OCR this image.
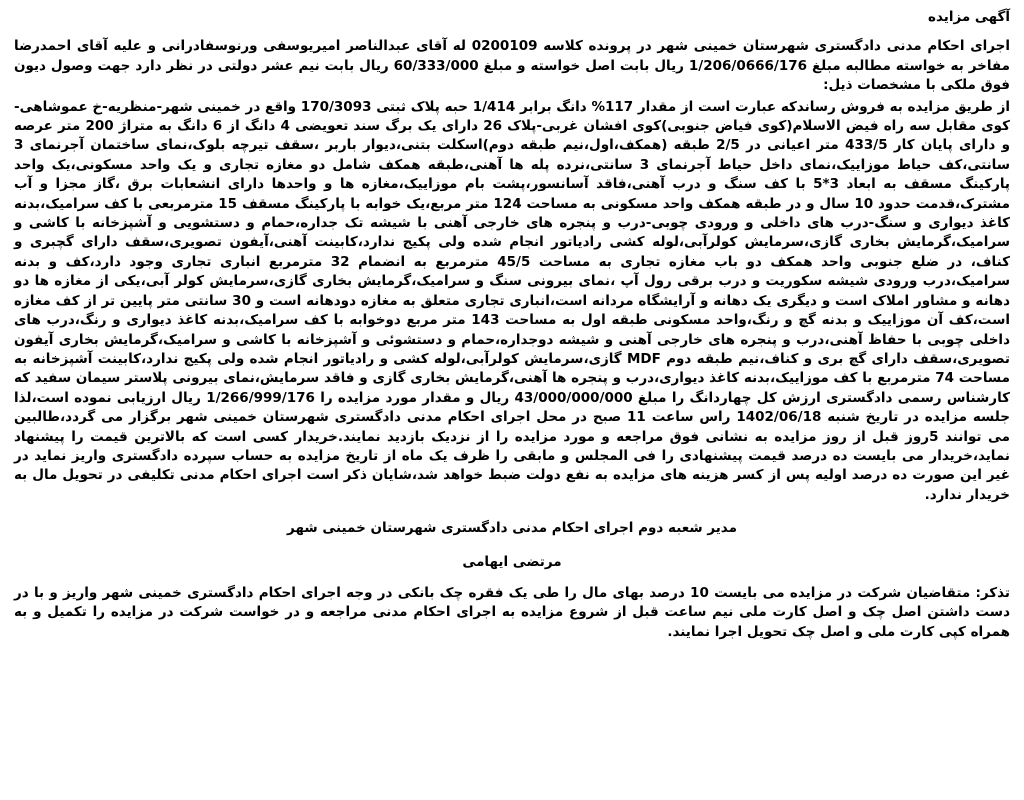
آگهی مزایده

اجرای احکام مدنی دادگستری شهرستان خمینی شهر در پرونده کلاسه 0200109 له آقای عبدالناصر امیریوسفی ورنوسفادرانی و علیه آقای احمدرضا مفاخر به خواسته مطالبه مبلغ 1/206/0666/176 ریال بابت اصل خواسته و مبلغ 60/333/000 ریال بابت نیم عشر دولتی در نظر دارد جهت وصول دیون فوق ملکی با مشخصات ذیل:

از طریق مزایده به فروش رساندکه عبارت است از مقدار 117% دانگ برابر 1/414 حبه پلاک ثبتی 170/3093 واقع در خمینی شهر-منظریه-خ عموشاهی-کوی مقابل سه راه فیض الاسلام(کوی فیاض جنوبی)کوی افشان غربی-پلاک 26 دارای یک برگ سند تعویضی 4 دانگ از 6 دانگ به متراژ 200 متر عرصه و دارای پایان کار 433/5 متر اعیانی در 2/5 طبقه (همکف،اول،نیم طبقه دوم)اسکلت بتنی،دیوار باربر ،سقف تیرچه بلوک،نمای ساختمان آجرنمای 3 سانتی،کف حیاط موزاییک،نمای داخل حیاط آجرنمای 3 سانتی،نرده پله ها آهنی،طبقه همکف شامل دو مغازه تجاری و یک واحد مسکونی،یک واحد پارکینگ مسقف به ابعاد 3*5 با کف سنگ و درب آهنی،فاقد آسانسور،پشت بام موزاییک،مغازه ها و واحدها دارای انشعابات برق ،گاز مجزا و آب مشترک،قدمت حدود 10 سال و در طبقه همکف واحد مسکونی به مساحت 124 متر مربع،یک خوابه با پارکینگ مسقف 15 مترمربعی با کف سرامیک،بدنه کاغذ دیواری و سنگ-درب های داخلی و ورودی چوبی-درب و پنجره های خارجی آهنی با شیشه تک جداره،حمام و دستشویی و آشپزخانه با کاشی و سرامیک،گرمایش بخاری گازی،سرمایش کولرآبی،لوله کشی رادیاتور انجام شده ولی پکیج ندارد،کابینت آهنی،آیفون تصویری،سقف دارای گچبری و کناف، در ضلع جنوبی واحد همکف دو باب مغازه تجاری به مساحت 45/5 مترمربع به انضمام 32 مترمربع انباری تجاری وجود دارد،کف و بدنه سرامیک،درب ورودی شیشه سکوریت و درب برقی رول آپ ،نمای بیرونی سنگ و سرامیک،گرمایش بخاری گازی،سرمایش کولر آبی،یکی از مغازه ها دو دهانه و مشاور املاک است و دیگری یک دهانه و آرایشگاه مردانه است،انباری تجاری متعلق به مغازه دودهانه است و 30 سانتی متر پایین تر از کف مغازه است،کف آن موزاییک و بدنه گچ و رنگ،واحد مسکونی طبقه اول به مساحت 143 متر مربع دوخوابه با کف سرامیک،بدنه کاغذ دیواری و رنگ،درب های داخلی چوبی با حفاظ آهنی،درب و پنجره های خارجی آهنی و شیشه دوجداره،حمام و دستشوئی و آشپزخانه با کاشی و سرامیک،گرمایش بخاری آیفون تصویری،سقف دارای گچ بری و کناف،نیم طبقه دوم MDF گازی،سرمایش کولرآبی،لوله کشی و رادیاتور انجام شده ولی پکیج ندارد،کابینت آشپزخانه به مساحت 74 مترمربع با کف موزاییک،بدنه کاغذ دیواری،درب و پنجره ها آهنی،گرمایش بخاری گازی و فاقد سرمایش،نمای بیرونی پلاستر سیمان سفید که کارشناس رسمی دادگستری ارزش کل چهاردانگ را مبلغ 43/000/000/000 ریال و مقدار مورد مزایده را 1/266/999/176 ریال ارزیابی نموده است،لذا جلسه مزایده در تاریخ شنبه 1402/06/18 راس ساعت 11 صبح در محل اجرای احکام مدنی دادگستری شهرستان خمینی شهر برگزار می گردد،طالبین می توانند 5روز قبل از روز مزایده به نشانی فوق مراجعه و مورد مزایده را از نزدیک بازدید نمایند.خریدار کسی است که بالاترین قیمت را پیشنهاد نماید،خریدار می بایست ده درصد قیمت پیشنهادی را فی المجلس و مابقی را ظرف یک ماه از تاریخ مزایده به حساب سپرده دادگستری واریز نماید در غیر این صورت ده درصد اولیه پس از کسر هزینه های مزایده به نفع دولت ضبط خواهد شد،شایان ذکر است اجرای احکام مدنی تکلیفی در تحویل مال به خریدار ندارد.

مدیر شعبه دوم اجرای احکام مدنی دادگستری شهرستان خمینی شهر

مرتضی ایهامی

تذکر: متقاضیان شرکت در مزایده می بایست 10 درصد بهای مال را طی یک فقره چک بانکی در وجه اجرای احکام دادگستری خمینی شهر واریز و با در دست داشتن اصل چک و اصل کارت ملی نیم ساعت قبل از شروع مزایده به اجرای احکام مدنی مراجعه و در خواست شرکت در مزایده را تکمیل و به همراه کپی کارت ملی و اصل چک تحویل اجرا نمایند.
